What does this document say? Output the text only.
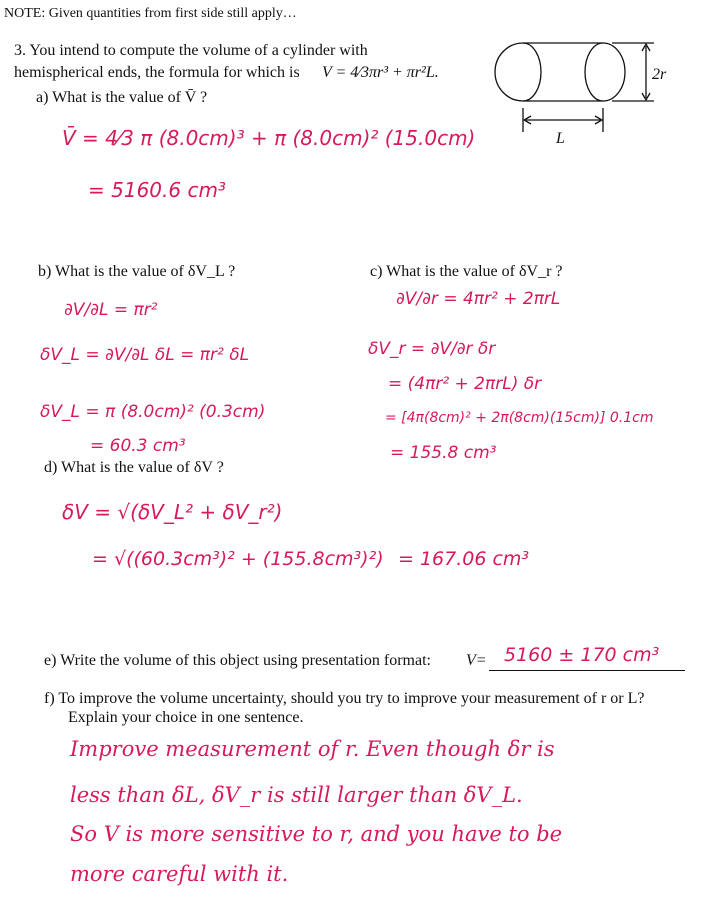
NOTE: Given quantities from first side still apply…
3. You intend to compute the volume of a cylinder with
hemispherical ends, the formula for which is V = 4⁄3πr³ + πr²L.	2r
L
a) What is the value of V̄ ?
V̄ = 4⁄3 π (8.0cm)³ + π (8.0cm)² (15.0cm)
= 5160.6 cm³
b) What is the value of δV_L ?
∂V/∂L = πr²
δV_L = ∂V/∂L δL = πr² δL
δV_L = π (8.0cm)² (0.3cm)
= 60.3 cm³
c) What is the value of δV_r ?
∂V/∂r = 4πr² + 2πrL
δV_r = ∂V/∂r δr
= (4πr² + 2πrL) δr
= [4π(8cm)² + 2π(8cm)(15cm)] 0.1cm
= 155.8 cm³
d) What is the value of δV ?
δV = √(δV_L² + δV_r²)
= √((60.3cm³)² + (155.8cm³)²) = 167.06 cm³
e) Write the volume of this object using presentation format: V= 5160 ± 170 cm³
f) To improve the volume uncertainty, should you try to improve your measurement of r or L?
Explain your choice in one sentence.
Improve measurement of r. Even though δr is
less than δL, δV_r is still larger than δV_L.
So V is more sensitive to r, and you have to be
more careful with it.
